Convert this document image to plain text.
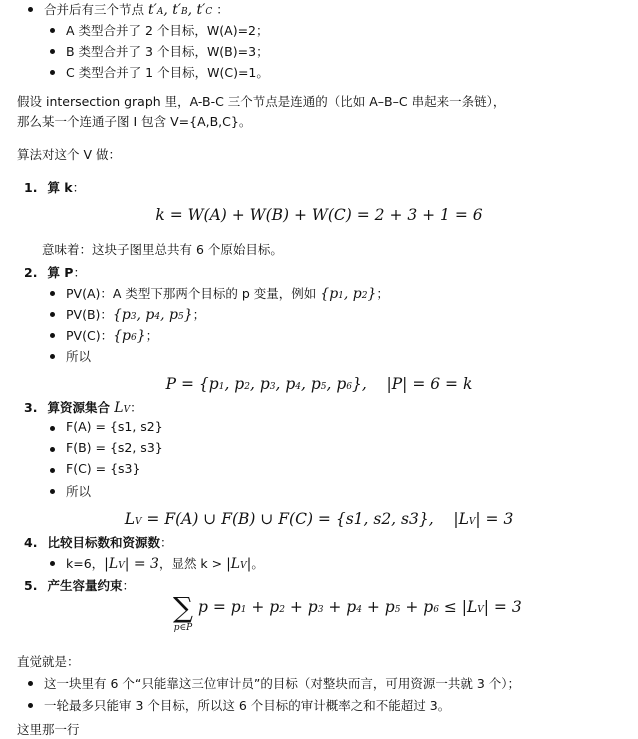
合并后有三个节点 t′A, t′B, t′C ：
A 类型合并了 2 个目标，W(A)=2；
B 类型合并了 3 个目标，W(B)=3；
C 类型合并了 1 个目标，W(C)=1。
假设 intersection graph 里，A-B-C 三个节点是连通的（比如 A–B–C 串起来一条链），
那么某一个连通子图 I 包含 V={A,B,C}。
算法对这个 V 做：
1. 算 k：
k = W(A) + W(B) + W(C) = 2 + 3 + 1 = 6
意味着：这块子图里总共有 6 个原始目标。
2. 算 P：
PV(A)：A 类型下那两个目标的 p 变量，例如 {p1, p2}；
PV(B)：{p3, p4, p5}；
PV(C)：{p6}；
所以
P = {p1, p2, p3, p4, p5, p6},    |P| = 6 = k
3. 算资源集合 LV：
F(A) = {s1, s2}
F(B) = {s2, s3}
F(C) = {s3}
所以
LV = F(A) ∪ F(B) ∪ F(C) = {s1, s2, s3},    |LV| = 3
4. 比较目标数和资源数：
k=6，|LV| = 3，显然 k > |LV|。
5. 产生容量约束：
∑
$^{p\in P}$
p = p1 + p2 + p3 + p4 + p5 + p6 ≤ |LV| = 3
直觉就是：
这一块里有 6 个“只能靠这三位审计员”的目标（对整块而言，可用资源一共就 3 个）；
一轮最多只能审 3 个目标，所以这 6 个目标的审计概率之和不能超过 3。
这里那一行
